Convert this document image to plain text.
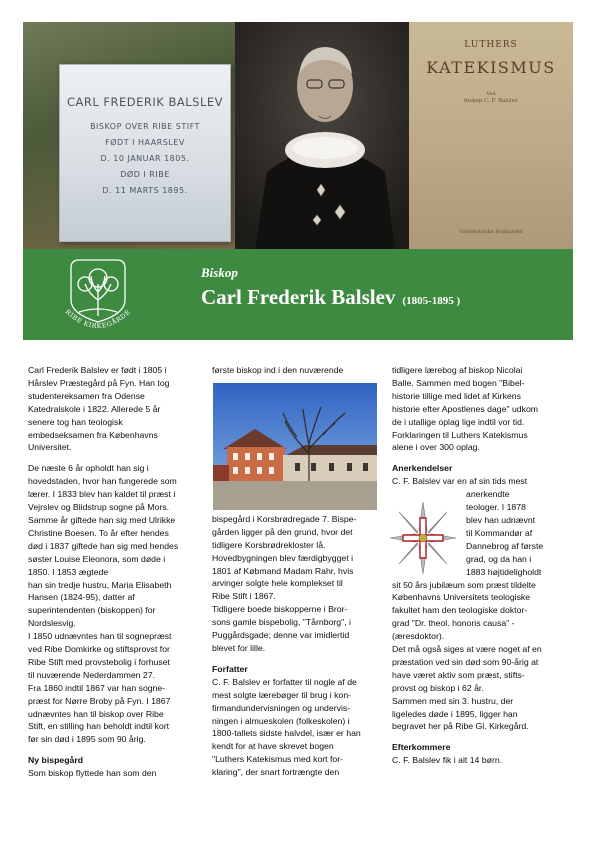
CARL FREDERIK BALSLEV
BISKOP OVER RIBE STIFT
FØDT I HAARSLEV
D. 10 JANUAR 1805.
DØD I RIBE
D. 11 MARTS 1895.
LUTHERS
KATEKISMUS
Ved
biskop C. F. Balslev
Gyldendalske Boghandel
RIBE KIRKEGÅRDE
Biskop
Carl Frederik Balslev (1805-1895 )

Carl Frederik Balslev er født i 1805 i
Hårslev Præstegård på Fyn. Han tog
studentereksamen fra Odense
Katedralskole i 1822. Allerede 5 år
senere tog han teologisk
embedseksamen fra Københavns
Universitet.

De næste 6 år opholdt han sig i
hovedstaden, hvor han fungerede som
lærer. I 1833 blev han kaldet til præst i
Vejrslev og Blidstrup sogne på Mors.
Samme år giftede han sig med Ulrikke
Christine Boesen. To år efter hendes
død i 1837 giftede han sig med hendes
søster Louise Eleonora, som døde i
1850. I 1853 ægtede
han sin tredje hustru, Maria Elisabeth
Hansen (1824-95), datter af
superintendenten (biskoppen) for
Nordslesvig.
I 1850 udnævntes han til sognepræst
ved Ribe Domkirke og stiftsprovst for
Ribe Stift med provstebolig i forhuset
til nuværende Nederdammen 27.
Fra 1860 indtil 1867 var han sogne-
præst for Nørre Broby på Fyn. I 1867
udnævntes han til biskop over Ribe
Stift, en stilling han beholdt indtil kort
før sin død i 1895 som 90 årig.

Ny bispegård

Som biskop flyttede han som den

første biskop ind i den nuværende

bispegård i Korsbrødregade 7. Bispe-
gården ligger på den grund, hvor det
tidligere Korsbrødrekloster lå.
Hovedbygningen blev færdigbygget i
1801 af Købmand Madam Rahr, hvis
arvinger solgte hele komplekset til
Ribe Stift i 1867.
Tidligere boede biskopperne i Bror-
sons gamle bispebolig, "Tårnborg", i
Puggårdsgade; denne var imidlertid
blevet for lille.

Forfatter

C. F. Balslev er forfatter til nogle af de
mest solgte lærebøger til brug i kon-
firmandundervisningen og undervis-
ningen i almueskolen (folkeskolen) i
1800-tallets sidste halvdel, især er han
kendt for at have skrevet bogen
"Luthers Katekismus med kort for-
klaring", der snart fortrængte den

tidligere lærebog af biskop Nicolai
Balle. Sammen med bogen "Bibel-
historie tillige med lidet af Kirkens
historie efter Apostlenes dage" udkom
de i utallige oplag lige indtil vor tid.
Forklaringen til Luthers Katekismus
alene i over 300 oplag.

Anerkendelser

C. F. Balslev var en af sin tids mest

anerkendte
teologer. I 1878
blev han udnævnt
til Kommandør af
Dannebrog af første
grad, og da han i
1883 højtideligholdt

sit 50 års jubilæum som præst tildelte
Københavns Universitets teologiske
fakultet ham den teologiske doktor-
grad "Dr. theol. honoris causa" -
(æresdoktor).
Det må også siges at være noget af en
præstation ved sin død som 90-årig at
have været aktiv som præst, stifts-
provst og biskop i 62 år.
Sammen med sin 3. hustru, der
ligeledes døde i 1895, ligger han
begravet her på Ribe Gl. Kirkegård.

Efterkommere

C. F. Balslev fik i alt 14 børn.
